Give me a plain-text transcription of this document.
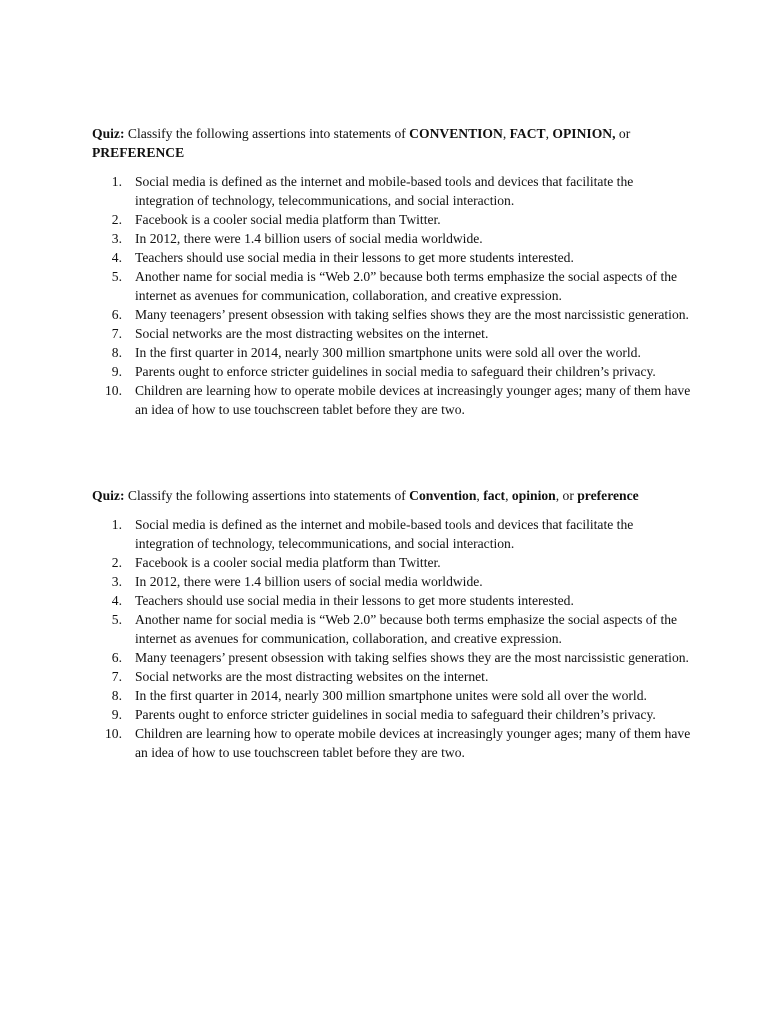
Quiz: Classify the following assertions into statements of CONVENTION, FACT, OPINION, or PREFERENCE

1. Social media is defined as the internet and mobile-based tools and devices that facilitate the integration of technology, telecommunications, and social interaction.
2. Facebook is a cooler social media platform than Twitter.
3. In 2012, there were 1.4 billion users of social media worldwide.
4. Teachers should use social media in their lessons to get more students interested.
5. Another name for social media is “Web 2.0” because both terms emphasize the social aspects of the internet as avenues for communication, collaboration, and creative expression.
6. Many teenagers’ present obsession with taking selfies shows they are the most narcissistic generation.
7. Social networks are the most distracting websites on the internet.
8. In the first quarter in 2014, nearly 300 million smartphone units were sold all over the world.
9. Parents ought to enforce stricter guidelines in social media to safeguard their children’s privacy.
10. Children are learning how to operate mobile devices at increasingly younger ages; many of them have an idea of how to use touchscreen tablet before they are two.

Quiz: Classify the following assertions into statements of Convention, fact, opinion, or preference

1. Social media is defined as the internet and mobile-based tools and devices that facilitate the integration of technology, telecommunications, and social interaction.
2. Facebook is a cooler social media platform than Twitter.
3. In 2012, there were 1.4 billion users of social media worldwide.
4. Teachers should use social media in their lessons to get more students interested.
5. Another name for social media is “Web 2.0” because both terms emphasize the social aspects of the internet as avenues for communication, collaboration, and creative expression.
6. Many teenagers’ present obsession with taking selfies shows they are the most narcissistic generation.
7. Social networks are the most distracting websites on the internet.
8. In the first quarter in 2014, nearly 300 million smartphone unites were sold all over the world.
9. Parents ought to enforce stricter guidelines in social media to safeguard their children’s privacy.
10. Children are learning how to operate mobile devices at increasingly younger ages; many of them have an idea of how to use touchscreen tablet before they are two.
